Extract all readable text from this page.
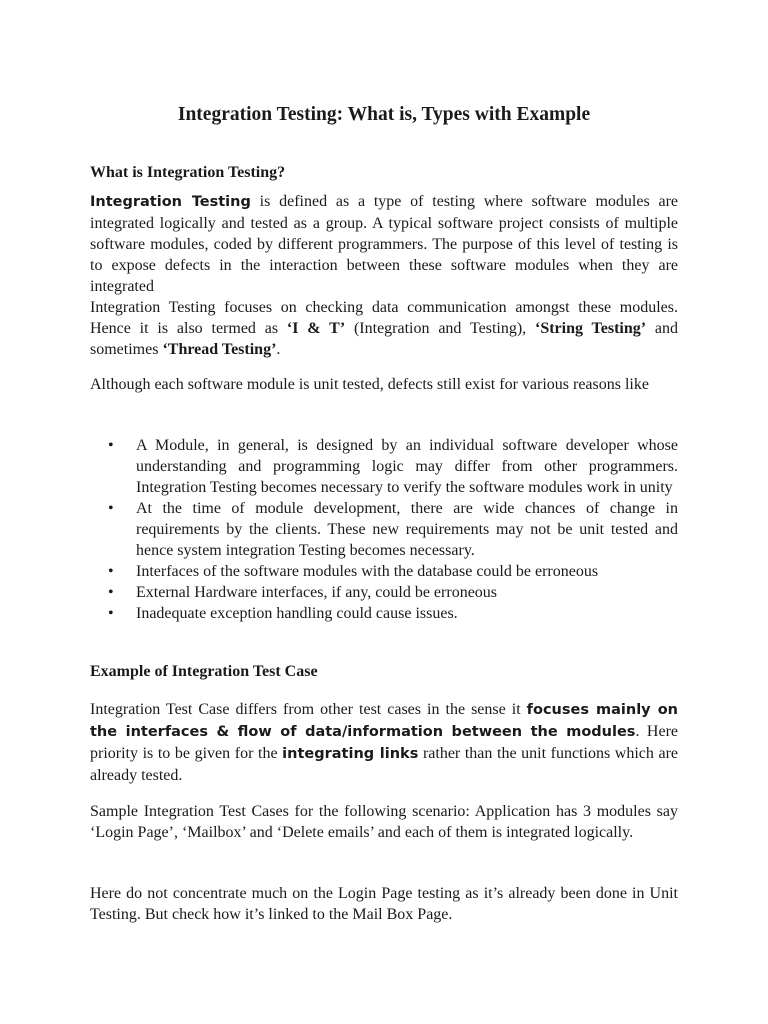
Integration Testing: What is, Types with Example
What is Integration Testing?

Integration Testing is defined as a type of testing where software modules are integrated logically and tested as a group. A typical software project consists of multiple software modules, coded by different programmers. The purpose of this level of testing is to expose defects in the interaction between these software modules when they are integrated

Integration Testing focuses on checking data communication amongst these modules. Hence it is also termed as ‘I & T’ (Integration and Testing), ‘String Testing’ and sometimes ‘Thread Testing’.

Although each software module is unit tested, defects still exist for various reasons like

• A Module, in general, is designed by an individual software developer whose understanding and programming logic may differ from other programmers. Integration Testing becomes necessary to verify the software modules work in unity
• At the time of module development, there are wide chances of change in requirements by the clients. These new requirements may not be unit tested and hence system integration Testing becomes necessary.
• Interfaces of the software modules with the database could be erroneous
• External Hardware interfaces, if any, could be erroneous
• Inadequate exception handling could cause issues.
Example of Integration Test Case

Integration Test Case differs from other test cases in the sense it focuses mainly on the interfaces & flow of data/information between the modules. Here priority is to be given for the integrating links rather than the unit functions which are already tested.

Sample Integration Test Cases for the following scenario: Application has 3 modules say ‘Login Page’, ‘Mailbox’ and ‘Delete emails’ and each of them is integrated logically.

Here do not concentrate much on the Login Page testing as it’s already been done in Unit Testing. But check how it’s linked to the Mail Box Page.
